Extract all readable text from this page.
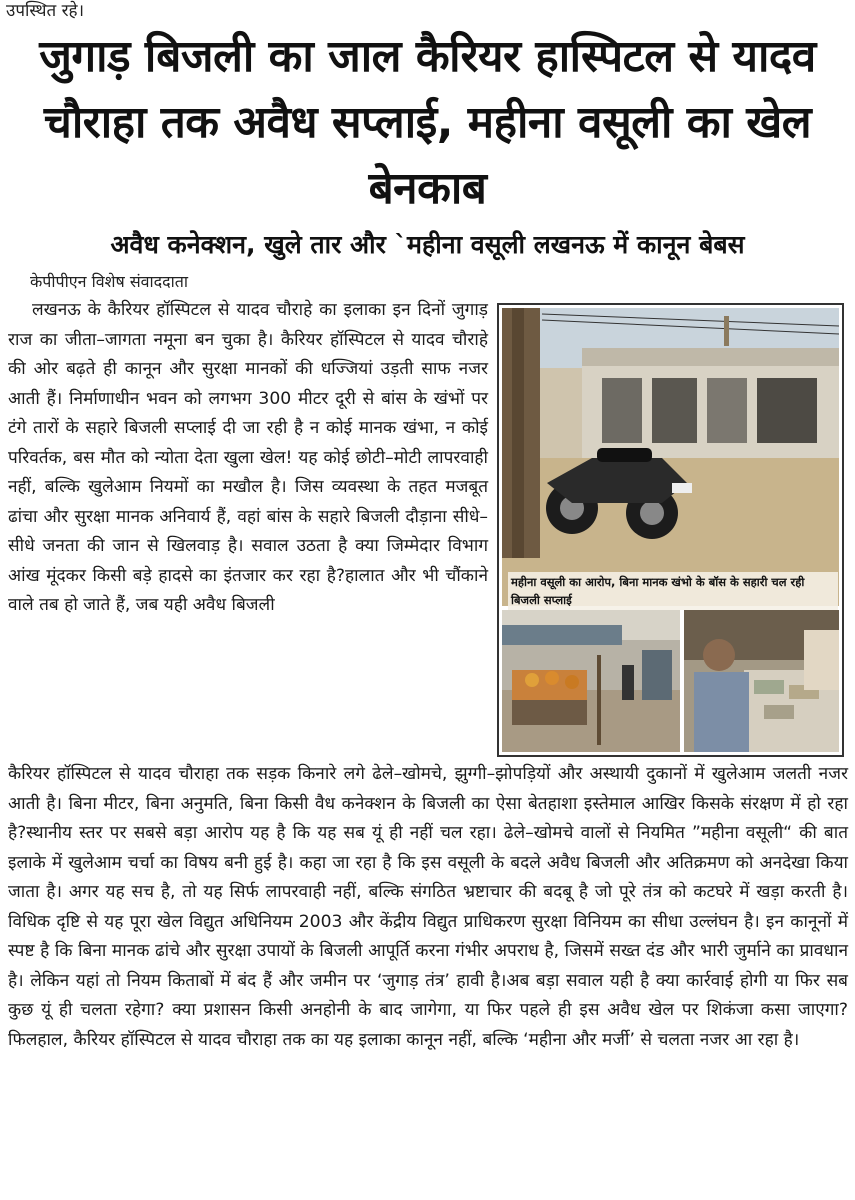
उपस्थित रहे।
जुगाड़ बिजली का जाल कैरियर हास्पिटल से यादव चौराहा तक अवैध सप्लाई, महीना वसूली का खेल बेनकाब
अवैध कनेक्शन, खुले तार और `महीना वसूली लखनऊ में कानून बेबस
केपीपीएन विशेष संवाददाता

लखनऊ के कैरियर हॉस्पिटल से यादव चौराहे का इलाका इन दिनों जुगाड़ राज का जीता–जागता नमूना बन चुका है। कैरियर हॉस्पिटल से यादव चौराहे की ओर बढ़ते ही कानून और सुरक्षा मानकों की धज्जियां उड़ती साफ नजर आती हैं। निर्माणाधीन भवन को लगभग 300 मीटर दूरी से बांस के खंभों पर टंगे तारों के सहारे बिजली सप्लाई दी जा रही है न कोई मानक खंभा, न कोई परिवर्तक, बस मौत को न्योता देता खुला खेल! यह कोई छोटी–मोटी लापरवाही नहीं, बल्कि खुलेआम नियमों का मखौल है। जिस व्यवस्था के तहत मजबूत ढांचा और सुरक्षा मानक अनिवार्य हैं, वहां बांस के सहारे बिजली दौड़ाना सीधे–सीधे जनता की जान से खिलवाड़ है। सवाल उठता है क्या जिम्मेदार विभाग आंख मूंदकर किसी बड़े हादसे का इंतजार कर रहा है?हालात और भी चौंकाने वाले तब हो जाते हैं, जब यही अवैध बिजली

महीना वसूली का आरोप, बिना मानक खंभो के बॉस के सहारी चल रही बिजली सप्लाई

कैरियर हॉस्पिटल से यादव चौराहा तक सड़क किनारे लगे ढेले–खोमचे, झुग्गी–झोपड़ियों और अस्थायी दुकानों में खुलेआम जलती नजर आती है। बिना मीटर, बिना अनुमति, बिना किसी वैध कनेक्शन के बिजली का ऐसा बेतहाशा इस्तेमाल आखिर किसके संरक्षण में हो रहा है?स्थानीय स्तर पर सबसे बड़ा आरोप यह है कि यह सब यूं ही नहीं चल रहा। ढेले–खोमचे वालों से नियमित ”महीना वसूली“ की बात इलाके में खुलेआम चर्चा का विषय बनी हुई है। कहा जा रहा है कि इस वसूली के बदले अवैध बिजली और अतिक्रमण को अनदेखा किया जाता है। अगर यह सच है, तो यह सिर्फ लापरवाही नहीं, बल्कि संगठित भ्रष्टाचार की बदबू है जो पूरे तंत्र को कटघरे में खड़ा करती है।विधिक दृष्टि से यह पूरा खेल विद्युत अधिनियम 2003 और केंद्रीय विद्युत प्राधिकरण सुरक्षा विनियम का सीधा उल्लंघन है। इन कानूनों में स्पष्ट है कि बिना मानक ढांचे और सुरक्षा उपायों के बिजली आपूर्ति करना गंभीर अपराध है, जिसमें सख्त दंड और भारी जुर्माने का प्रावधान है। लेकिन यहां तो नियम किताबों में बंद हैं और जमीन पर ‘जुगाड़ तंत्र’ हावी है।अब बड़ा सवाल यही है क्या कार्रवाई होगी या फिर सब कुछ यूं ही चलता रहेगा? क्या प्रशासन किसी अनहोनी के बाद जागेगा, या फिर पहले ही इस अवैध खेल पर शिकंजा कसा जाएगा? फिलहाल, कैरियर हॉस्पिटल से यादव चौराहा तक का यह इलाका कानून नहीं, बल्कि ‘महीना और मर्जी’ से चलता नजर आ रहा है।
